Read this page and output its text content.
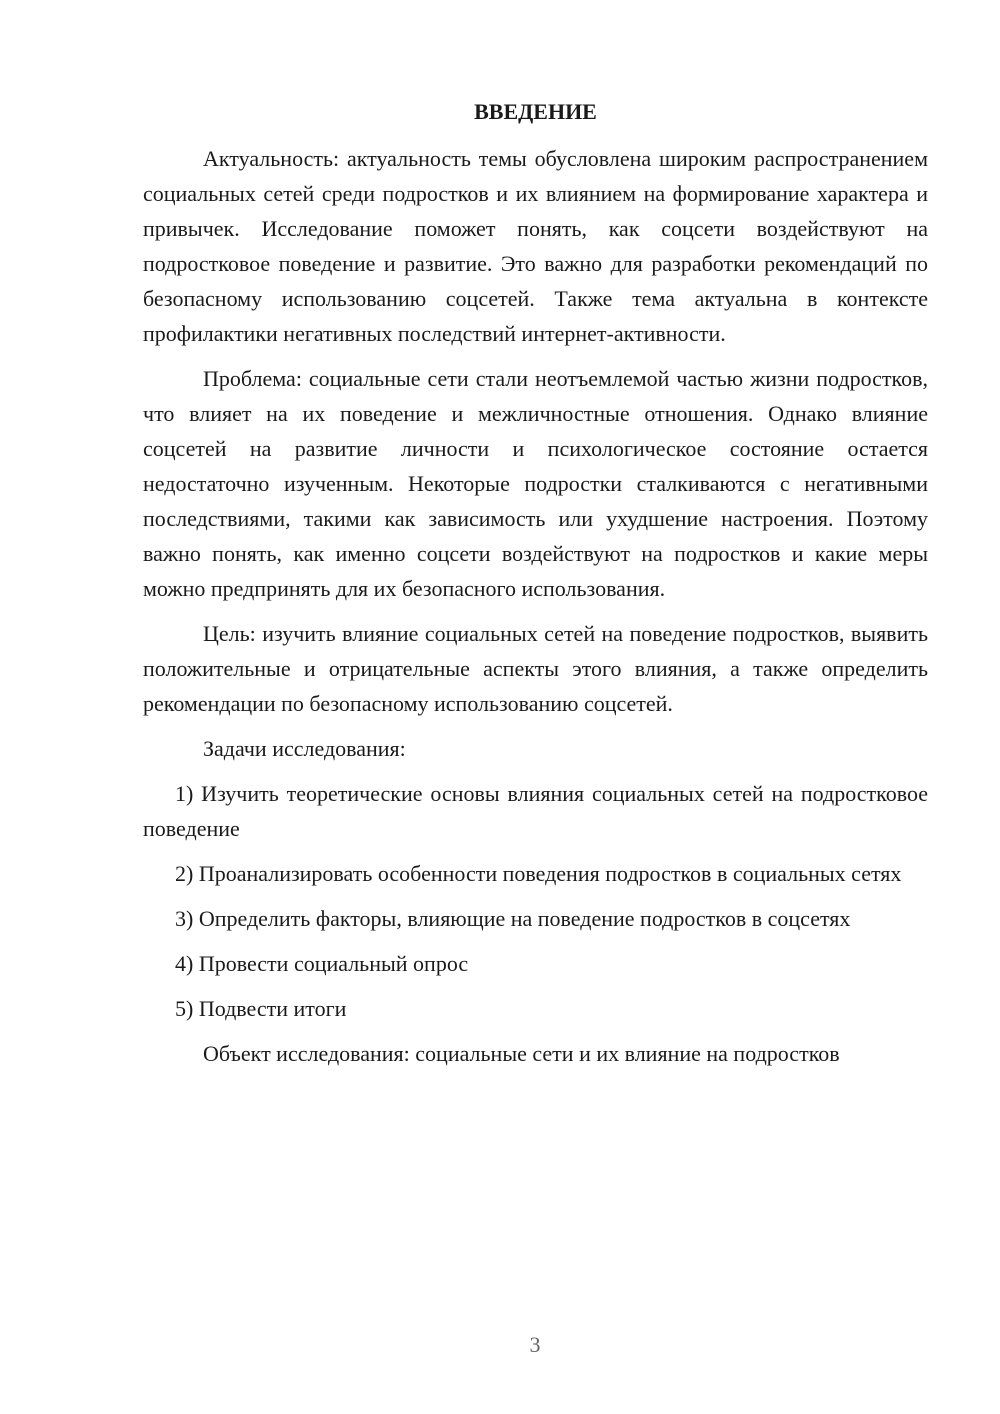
ВВЕДЕНИЕ

Актуальность: актуальность темы обусловлена широким распространением социальных сетей среди подростков и их влиянием на формирование характера и привычек. Исследование поможет понять, как соцсети воздействуют на подростковое поведение и развитие. Это важно для разработки рекомендаций по безопасному использованию соцсетей. Также тема актуальна в контексте профилактики негативных последствий интернет-активности.

Проблема: социальные сети стали неотъемлемой частью жизни подростков, что влияет на их поведение и межличностные отношения. Однако влияние соцсетей на развитие личности и психологическое состояние остается недостаточно изученным. Некоторые подростки сталкиваются с негативными последствиями, такими как зависимость или ухудшение настроения. Поэтому важно понять, как именно соцсети воздействуют на подростков и какие меры можно предпринять для их безопасного использования.

Цель: изучить влияние социальных сетей на поведение подростков, выявить положительные и отрицательные аспекты этого влияния, а также определить рекомендации по безопасному использованию соцсетей.

Задачи исследования:

1) Изучить теоретические основы влияния социальных сетей на подростковое поведение

2) Проанализировать особенности поведения подростков в социальных сетях

3) Определить факторы, влияющие на поведение подростков в соцсетях

4) Провести социальный опрос

5) Подвести итоги

Объект исследования: социальные сети и их влияние на подростков

3
